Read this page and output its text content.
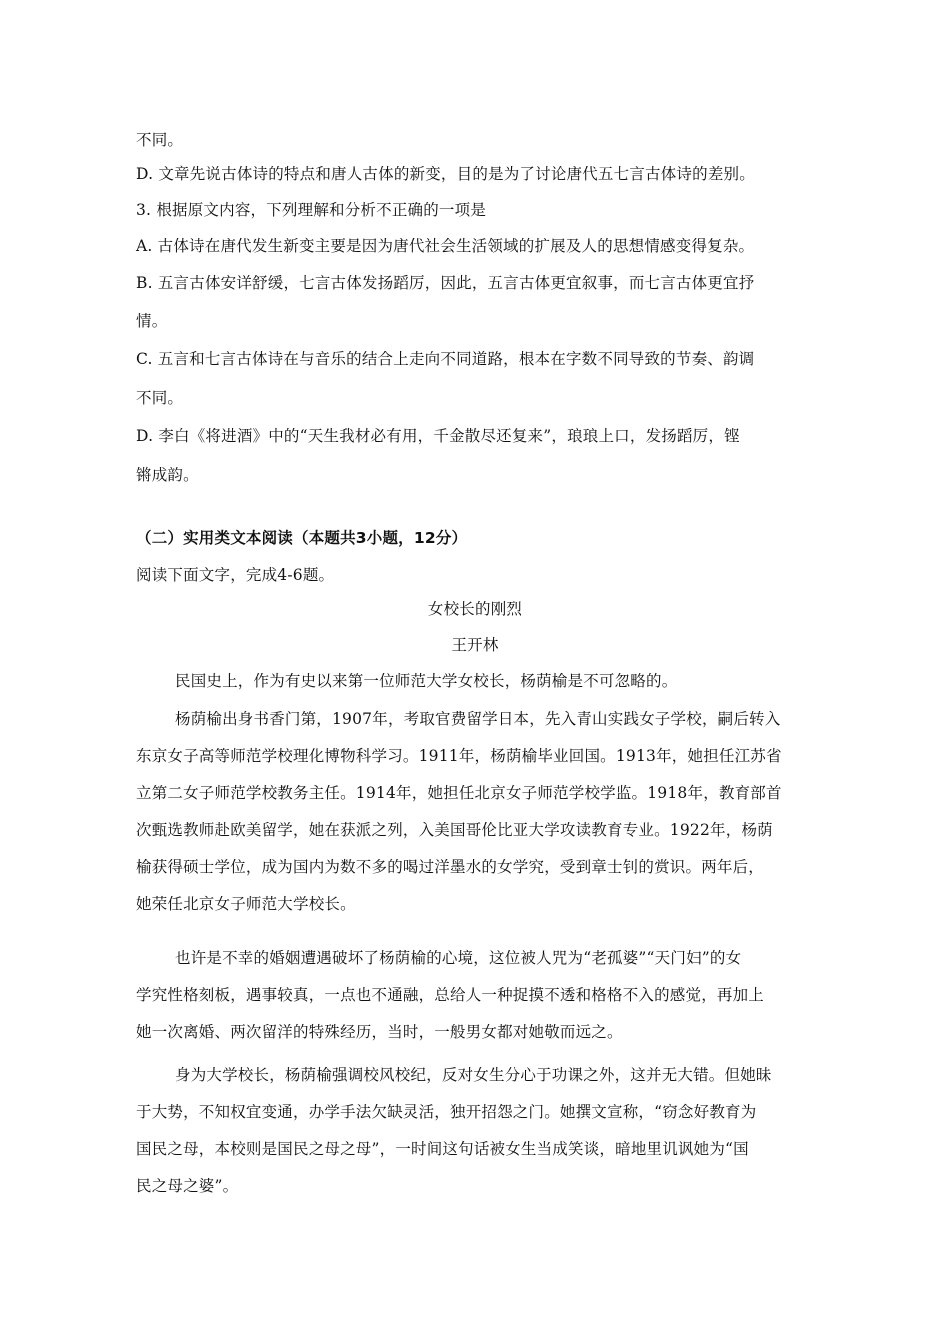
不同。
D. 文章先说古体诗的特点和唐人古体的新变，目的是为了讨论唐代五七言古体诗的差别。
3. 根据原文内容，下列理解和分析不正确的一项是
A. 古体诗在唐代发生新变主要是因为唐代社会生活领域的扩展及人的思想情感变得复杂。
B. 五言古体安详舒缓，七言古体发扬蹈厉，因此，五言古体更宜叙事，而七言古体更宜抒
情。
C. 五言和七言古体诗在与音乐的结合上走向不同道路，根本在字数不同导致的节奏、韵调
不同。
D. 李白《将进酒》中的“天生我材必有用，千金散尽还复来”，琅琅上口，发扬蹈厉，铿
锵成韵。
（二）实用类文本阅读（本题共3小题，12分）
阅读下面文字，完成4-6题。
女校长的刚烈
王开林
民国史上，作为有史以来第一位师范大学女校长，杨荫榆是不可忽略的。
杨荫榆出身书香门第，1907年，考取官费留学日本，先入青山实践女子学校，嗣后转入
东京女子高等师范学校理化博物科学习。1911年，杨荫榆毕业回国。1913年，她担任江苏省
立第二女子师范学校教务主任。1914年，她担任北京女子师范学校学监。1918年，教育部首
次甄选教师赴欧美留学，她在获派之列，入美国哥伦比亚大学攻读教育专业。1922年，杨荫
榆获得硕士学位，成为国内为数不多的喝过洋墨水的女学究，受到章士钊的赏识。两年后，
她荣任北京女子师范大学校长。
也许是不幸的婚姻遭遇破坏了杨荫榆的心境，这位被人咒为“老孤婆”“天门妇”的女
学究性格刻板，遇事较真，一点也不通融，总给人一种捉摸不透和格格不入的感觉，再加上
她一次离婚、两次留洋的特殊经历，当时，一般男女都对她敬而远之。
身为大学校长，杨荫榆强调校风校纪，反对女生分心于功课之外，这并无大错。但她昧
于大势，不知权宜变通，办学手法欠缺灵活，独开招怨之门。她撰文宣称，“窃念好教育为
国民之母，本校则是国民之母之母”，一时间这句话被女生当成笑谈，暗地里讥讽她为“国
民之母之婆”。
